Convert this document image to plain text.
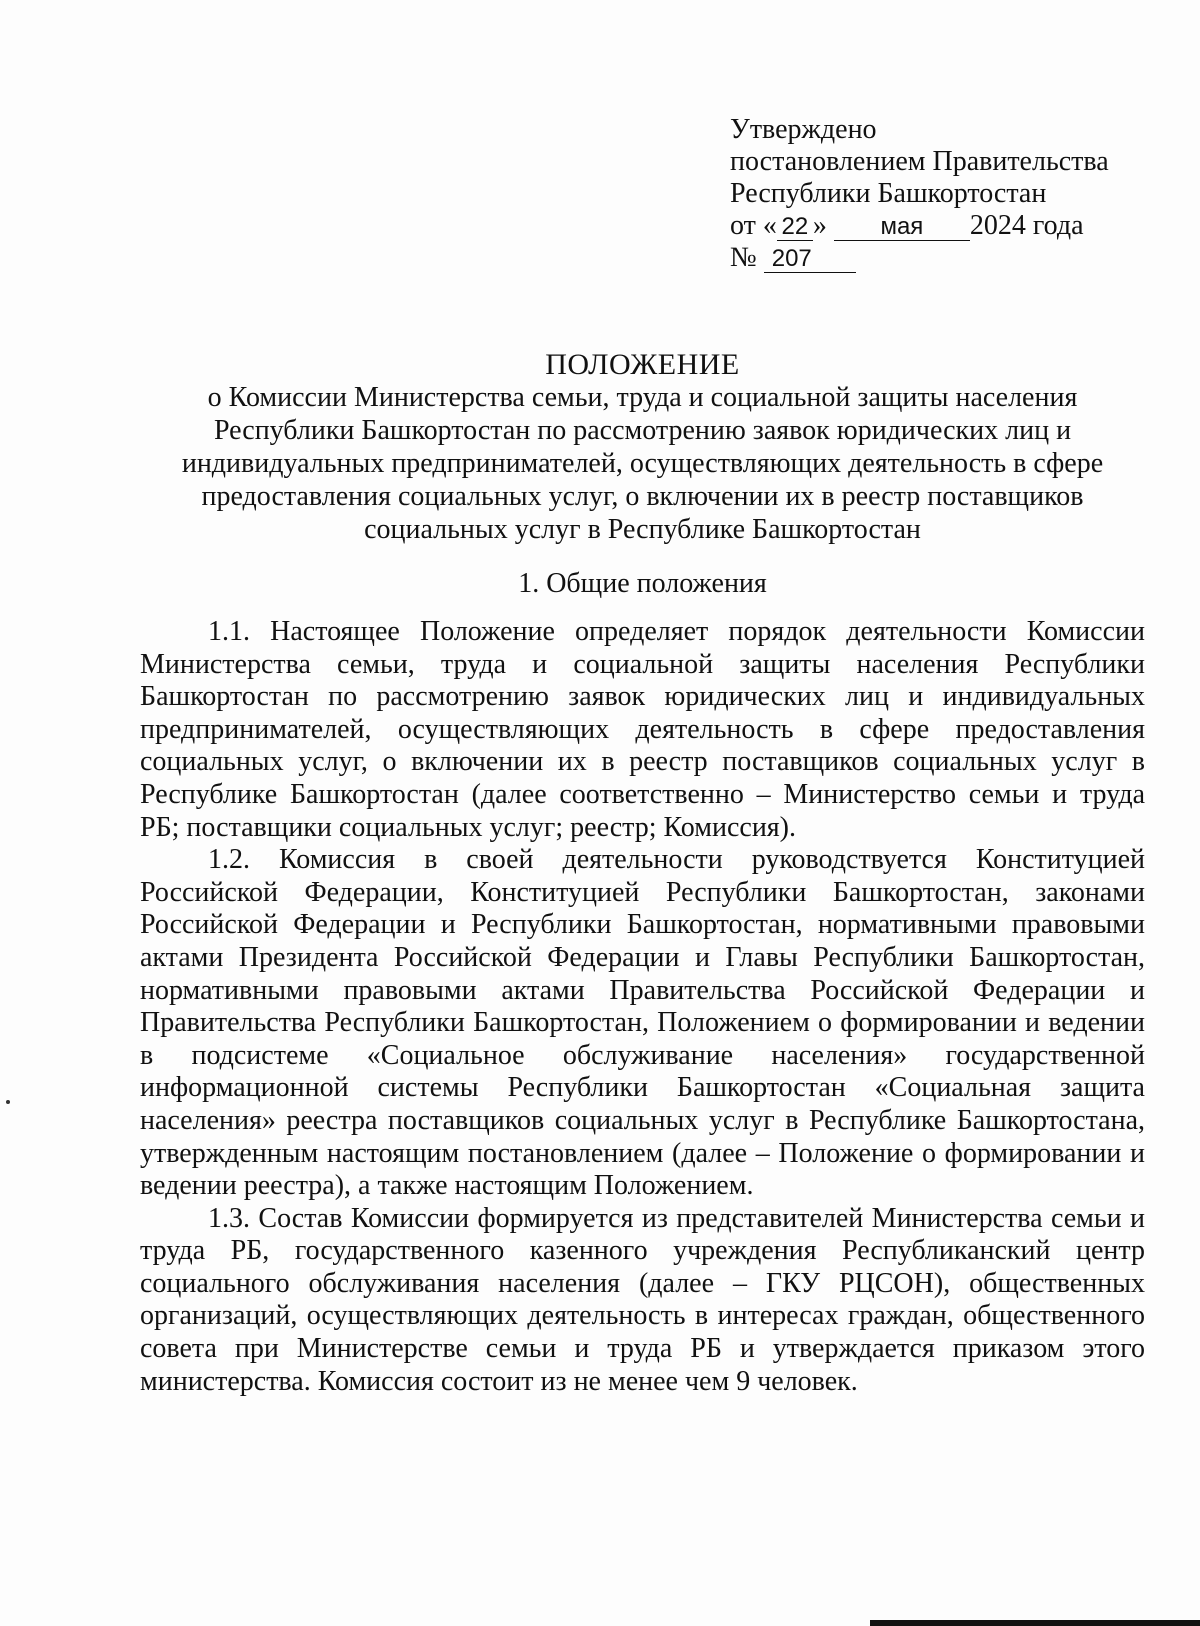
Утверждено
постановлением Правительства
Республики Башкортостан
от « 22 » мая 2024 года
№ 207
ПОЛОЖЕНИЕ
о Комиссии Министерства семьи, труда и социальной защиты населения
Республики Башкортостан по рассмотрению заявок юридических лиц и
индивидуальных предпринимателей, осуществляющих деятельность в сфере
предоставления социальных услуг, о включении их в реестр поставщиков
социальных услуг в Республике Башкортостан
1. Общие положения

1.1. Настоящее Положение определяет порядок деятельности Комиссии Министерства семьи, труда и социальной защиты населения Республики Башкортостан по рассмотрению заявок юридических лиц и индивидуальных предпринимателей, осуществляющих деятельность в сфере предоставления социальных услуг, о включении их в реестр поставщиков социальных услуг в Республике Башкортостан (далее соответственно – Министерство семьи и труда РБ; поставщики социальных услуг; реестр; Комиссия).

1.2. Комиссия в своей деятельности руководствуется Конституцией Российской Федерации, Конституцией Республики Башкортостан, законами Российской Федерации и Республики Башкортостан, нормативными правовыми актами Президента Российской Федерации и Главы Республики Башкортостан, нормативными правовыми актами Правительства Российской Федерации и Правительства Республики Башкортостан, Положением о формировании и ведении в подсистеме «Социальное обслуживание населения» государственной информационной системы Республики Башкортостан «Социальная защита населения» реестра поставщиков социальных услуг в Республике Башкортостана, утвержденным настоящим постановлением (далее – Положение о формировании и ведении реестра), а также настоящим Положением.

1.3. Состав Комиссии формируется из представителей Министерства семьи и труда РБ, государственного казенного учреждения Республиканский центр социального обслуживания населения (далее – ГКУ РЦСОН), общественных организаций, осуществляющих деятельность в интересах граждан, общественного совета при Министерстве семьи и труда РБ и утверждается приказом этого министерства. Комиссия состоит из не менее чем 9 человек.
